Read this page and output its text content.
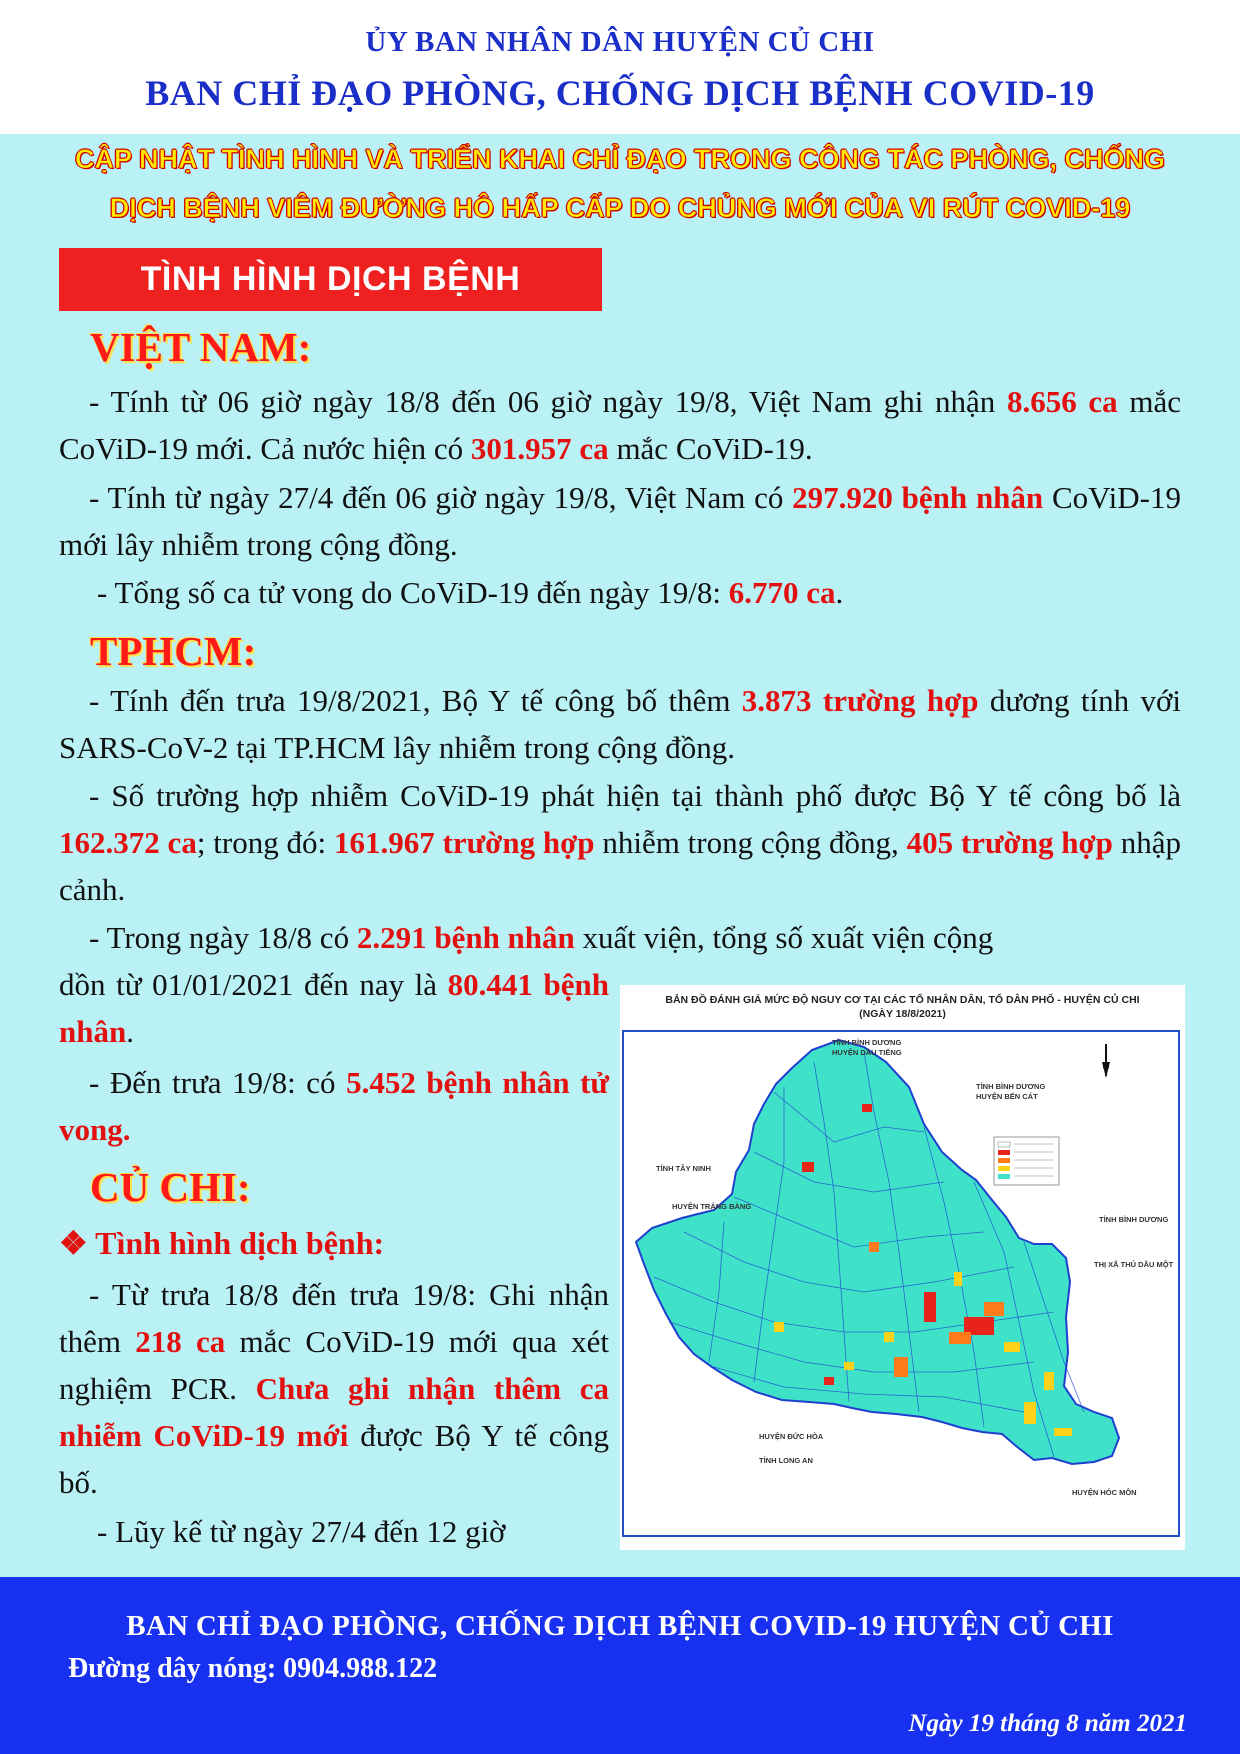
ỦY BAN NHÂN DÂN HUYỆN CỦ CHI
BAN CHỈ ĐẠO PHÒNG, CHỐNG DỊCH BỆNH COVID-19
CẬP NHẬT TÌNH HÌNH VÀ TRIỂN KHAI CHỈ ĐẠO TRONG CÔNG TÁC PHÒNG, CHỐNG
DỊCH BỆNH VIÊM ĐƯỜNG HÔ HẤP CẤP DO CHỦNG MỚI CỦA VI RÚT COVID-19
TÌNH HÌNH DỊCH BỆNH
VIỆT NAM:
- Tính từ 06 giờ ngày 18/8 đến 06 giờ ngày 19/8, Việt Nam ghi nhận 8.656 ca mắc CoViD-19 mới. Cả nước hiện có 301.957 ca mắc CoViD-19.
- Tính từ ngày 27/4 đến 06 giờ ngày 19/8, Việt Nam có 297.920 bệnh nhân CoViD-19 mới lây nhiễm trong cộng đồng.
- Tổng số ca tử vong do CoViD-19 đến ngày 19/8: 6.770 ca.
TPHCM:
- Tính đến trưa 19/8/2021, Bộ Y tế công bố thêm 3.873 trường hợp dương tính với SARS-CoV-2 tại TP.HCM lây nhiễm trong cộng đồng.
- Số trường hợp nhiễm CoViD-19 phát hiện tại thành phố được Bộ Y tế công bố là 162.372 ca; trong đó: 161.967 trường hợp nhiễm trong cộng đồng, 405 trường hợp nhập cảnh.
- Trong ngày 18/8 có 2.291 bệnh nhân xuất viện, tổng số xuất viện cộng
dồn từ 01/01/2021 đến nay là 80.441 bệnh nhân.
- Đến trưa 19/8: có 5.452 bệnh nhân tử vong.
CỦ CHI:
❖ Tình hình dịch bệnh:
- Từ trưa 18/8 đến trưa 19/8: Ghi nhận thêm 218 ca mắc CoViD-19 mới qua xét nghiệm PCR. Chưa ghi nhận thêm ca nhiễm CoViD-19 mới được Bộ Y tế công bố.
- Lũy kế từ ngày 27/4 đến 12 giờ
BẢN ĐỒ ĐÁNH GIÁ MỨC ĐỘ NGUY CƠ TẠI CÁC TỔ NHÂN DÂN, TỔ DÂN PHỐ - HUYỆN CỦ CHI
(NGÀY 18/8/2021)
TỈNH BÌNH DƯƠNG
HUYỆN DẦU TIẾNG
TỈNH BÌNH DƯƠNG
HUYỆN BẾN CÁT
TỈNH TÂY NINH
HUYỆN TRẢNG BÀNG
TỈNH BÌNH DƯƠNG
THỊ XÃ THỦ DẦU MỘT
HUYỆN ĐỨC HÒA
TỈNH LONG AN
HUYỆN HÓC MÔN
BAN CHỈ ĐẠO PHÒNG, CHỐNG DỊCH BỆNH COVID-19 HUYỆN CỦ CHI
Đường dây nóng: 0904.988.122
Ngày 19 tháng 8 năm 2021
